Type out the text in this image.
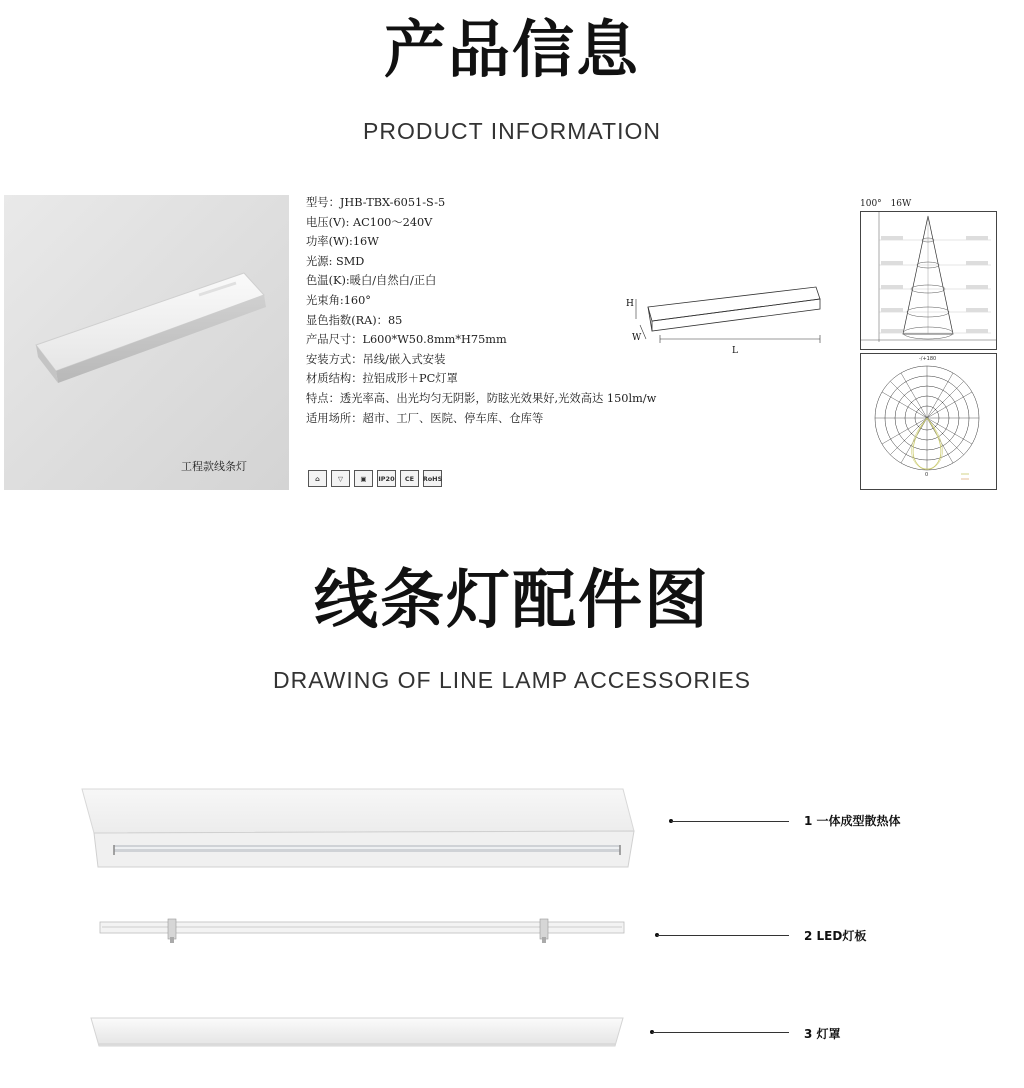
产品信息
PRODUCT INFORMATION
工程款线条灯
型号：JHB-TBX-6051-S-5
电压(V): AC100～240V
功率(W):16W
光源: SMD
色温(K):暖白/自然白/正白
光束角:160°
显色指数(RA)：85
产品尺寸：L600*W50.8mm*H75mm
安装方式：吊线/嵌入式安装
材质结构：拉铝成形＋PC灯罩
特点：透光率高、出光均匀无阴影，防眩光效果好,光效高达 150lm/w
适用场所：超市、工厂、医院、停车库、仓库等
⌂	▽	▣	IP20	CE	RoHS
H
W
L
100° 16W
-/+180
0
线条灯配件图
DRAWING OF LINE LAMP ACCESSORIES
1 一体成型散热体
2 LED灯板
3 灯罩
